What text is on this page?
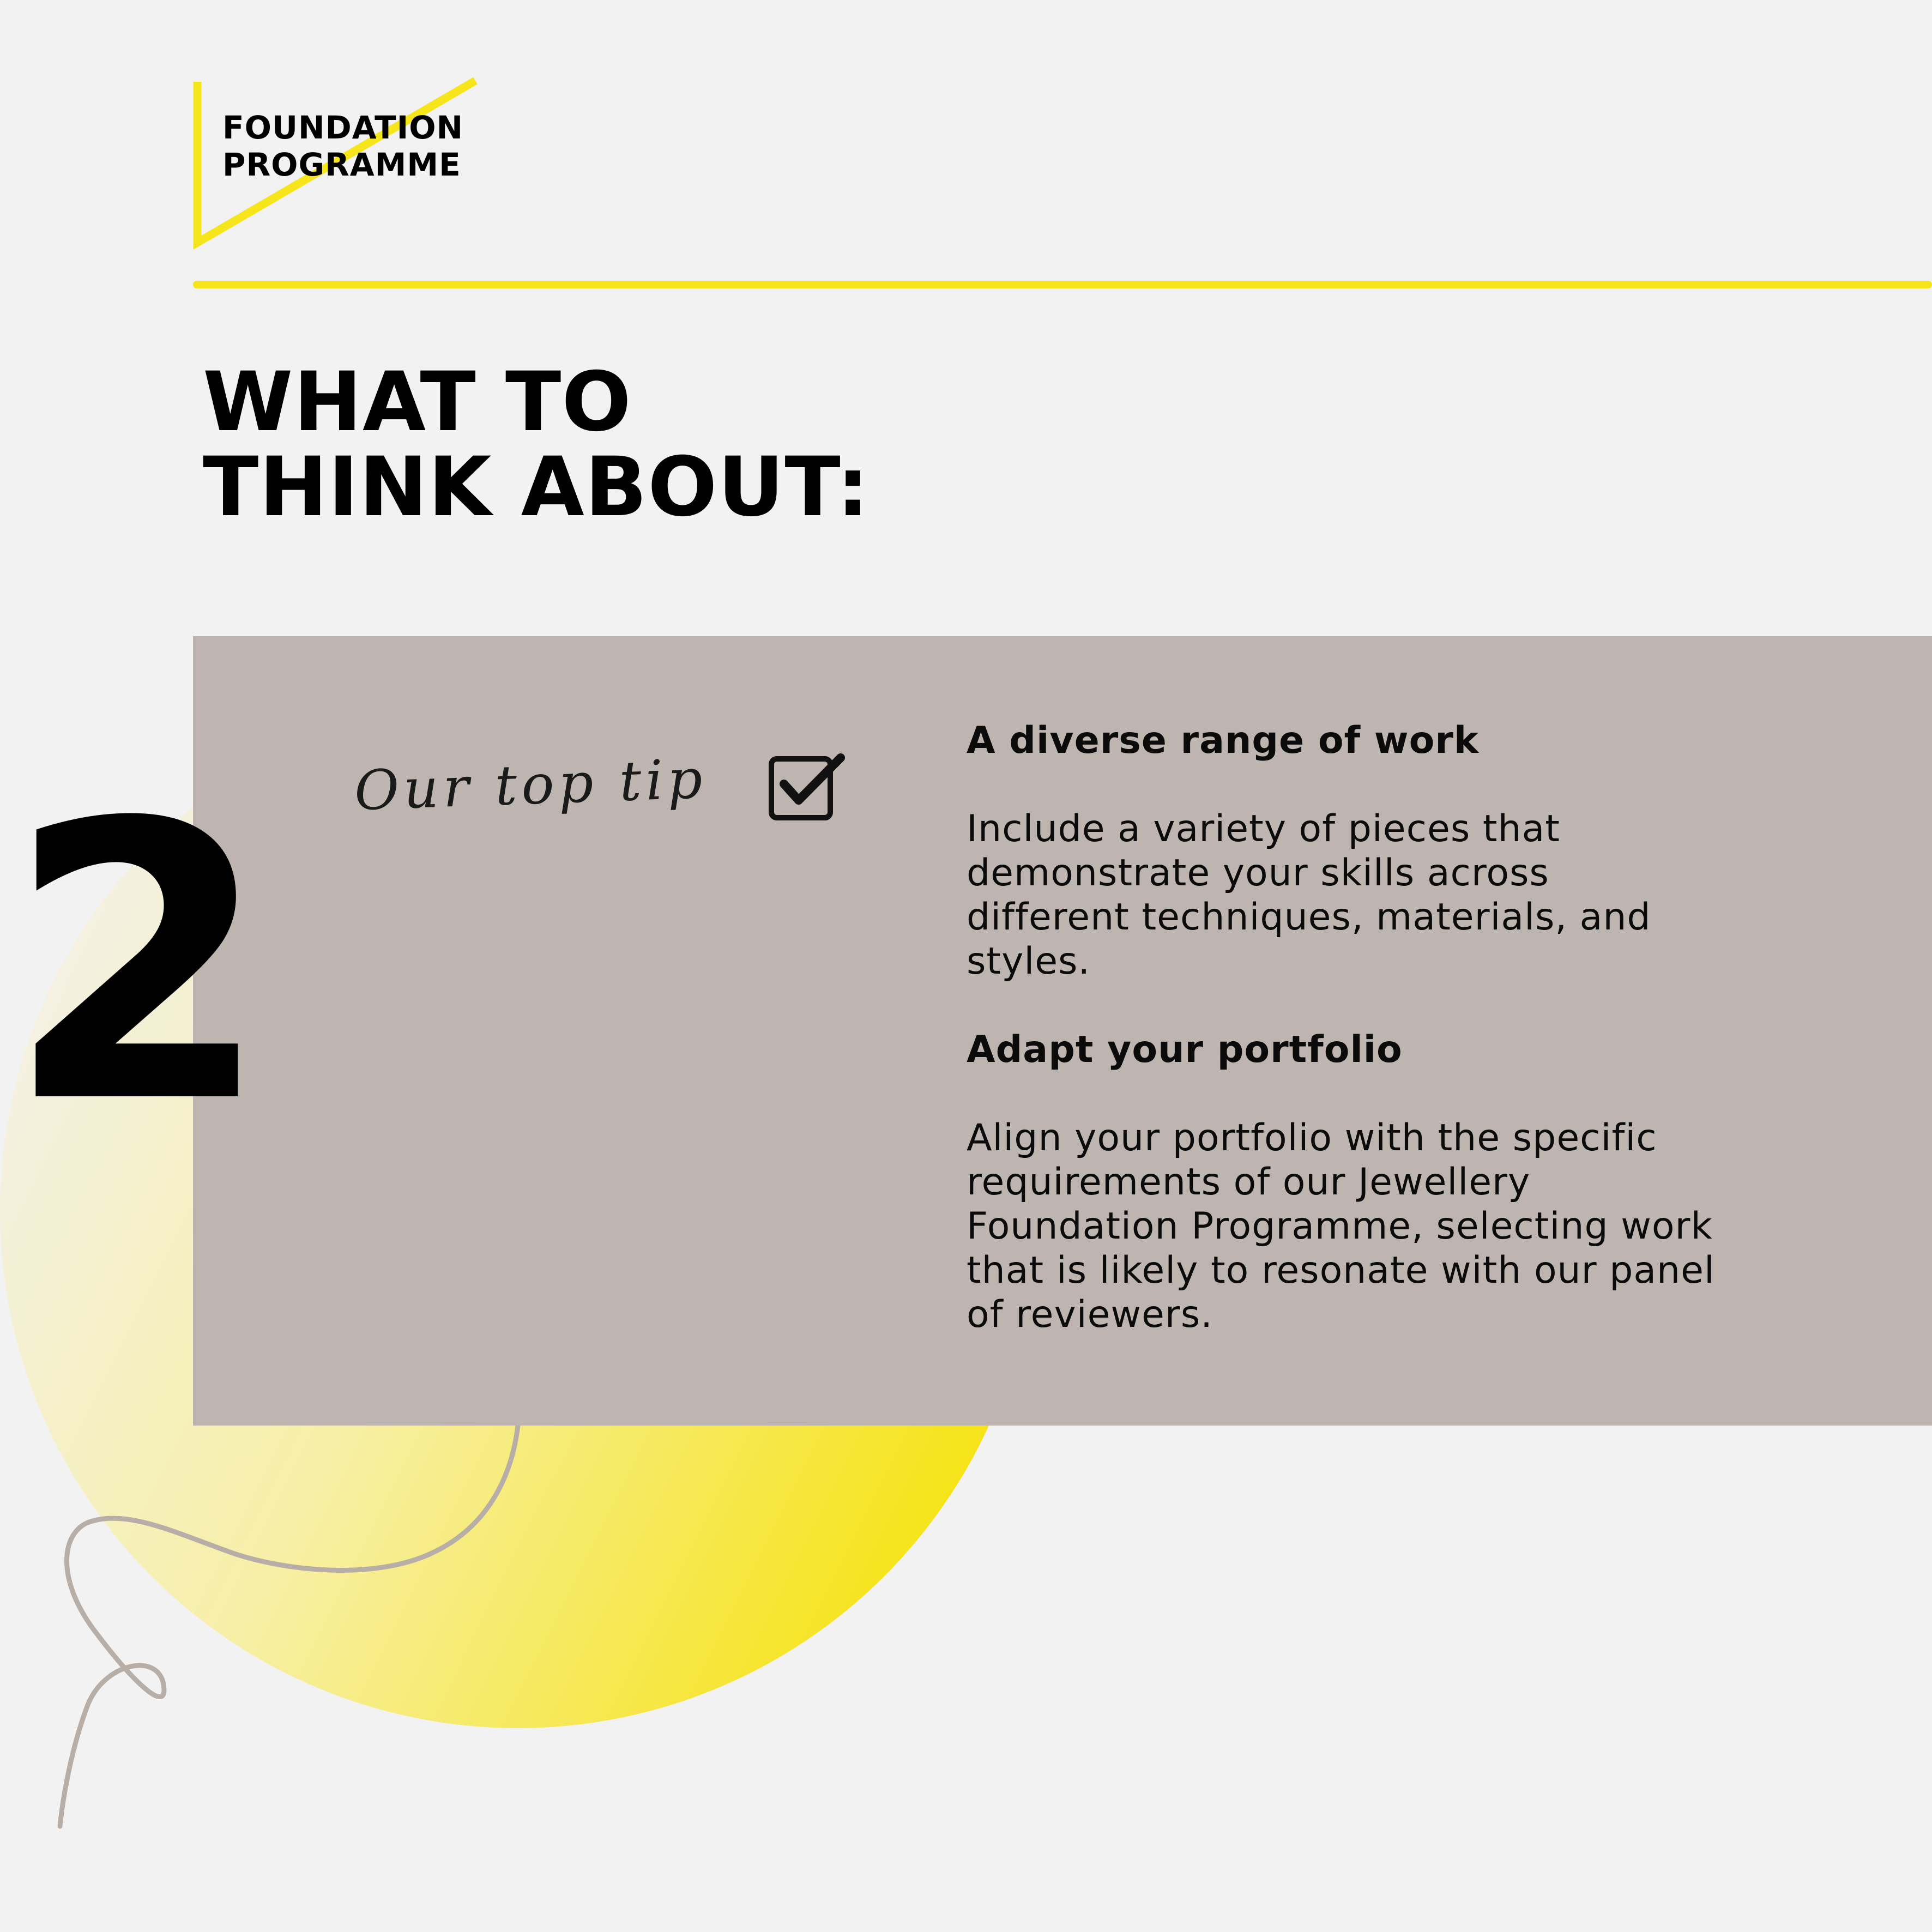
FOUNDATION
PROGRAMME
WHAT TO
THINK ABOUT:
2 Our top tip

A diverse range of work

Include a variety of pieces that

demonstrate your skills across

different techniques, materials, and

styles.

Adapt your portfolio

Align your portfolio with the specific

requirements of our Jewellery

Foundation Programme, selecting work

that is likely to resonate with our panel

of reviewers.
